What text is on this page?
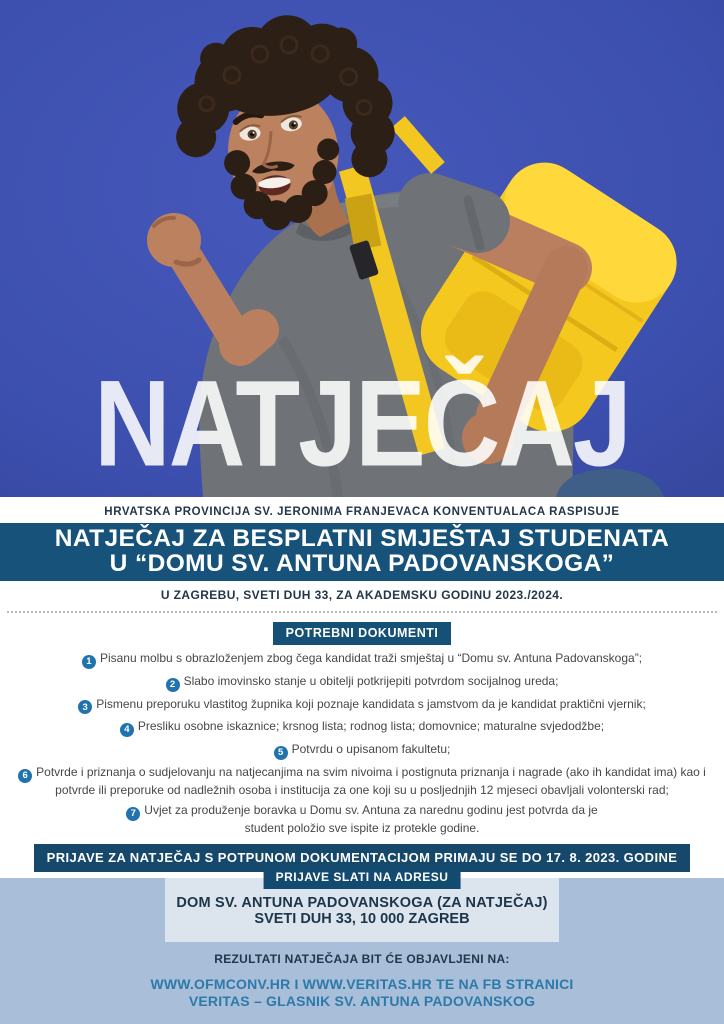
NATJEČAJ
HRVATSKA PROVINCIJA SV. JERONIMA FRANJEVACA KONVENTUALACA RASPISUJE
NATJEČAJ ZA BESPLATNI SMJEŠTAJ STUDENATA
U “DOMU SV. ANTUNA PADOVANSKOGA”
U ZAGREBU, SVETI DUH 33, ZA AKADEMSKU GODINU 2023./2024.
POTREBNI DOKUMENTI
1 Pisanu molbu s obrazloženjem zbog čega kandidat traži smještaj u “Domu sv. Antuna Padovanskoga”;
2 Slabo imovinsko stanje u obitelji potkrijepiti potvrdom socijalnog ureda;
3 Pismenu preporuku vlastitog župnika koji poznaje kandidata s jamstvom da je kandidat praktični vjernik;
4 Presliku osobne iskaznice; krsnog lista; rodnog lista; domovnice; maturalne svjedodžbe;
5 Potvrdu o upisanom fakultetu;
6 Potvrde i priznanja o sudjelovanju na natjecanjima na svim nivoima i postignuta priznanja i nagrade (ako ih kandidat ima) kao i potvrde ili preporuke od nadležnih osoba i institucija za one koji su u posljednjih 12 mjeseci obavljali volonterski rad;
7 Uvjet za produženje boravka u Domu sv. Antuna za narednu godinu jest potvrda da je student položio sve ispite iz protekle godine.
PRIJAVE ZA NATJEČAJ S POTPUNOM DOKUMENTACIJOM PRIMAJU SE DO 17. 8. 2023. GODINE
PRIJAVE SLATI NA ADRESU
DOM SV. ANTUNA PADOVANSKOGA (ZA NATJEČAJ)
SVETI DUH 33, 10 000 ZAGREB
REZULTATI NATJEČAJA BIT ĆE OBJAVLJENI NA:
WWW.OFMCONV.HR I WWW.VERITAS.HR TE NA FB STRANICI
VERITAS – GLASNIK SV. ANTUNA PADOVANSKOG
